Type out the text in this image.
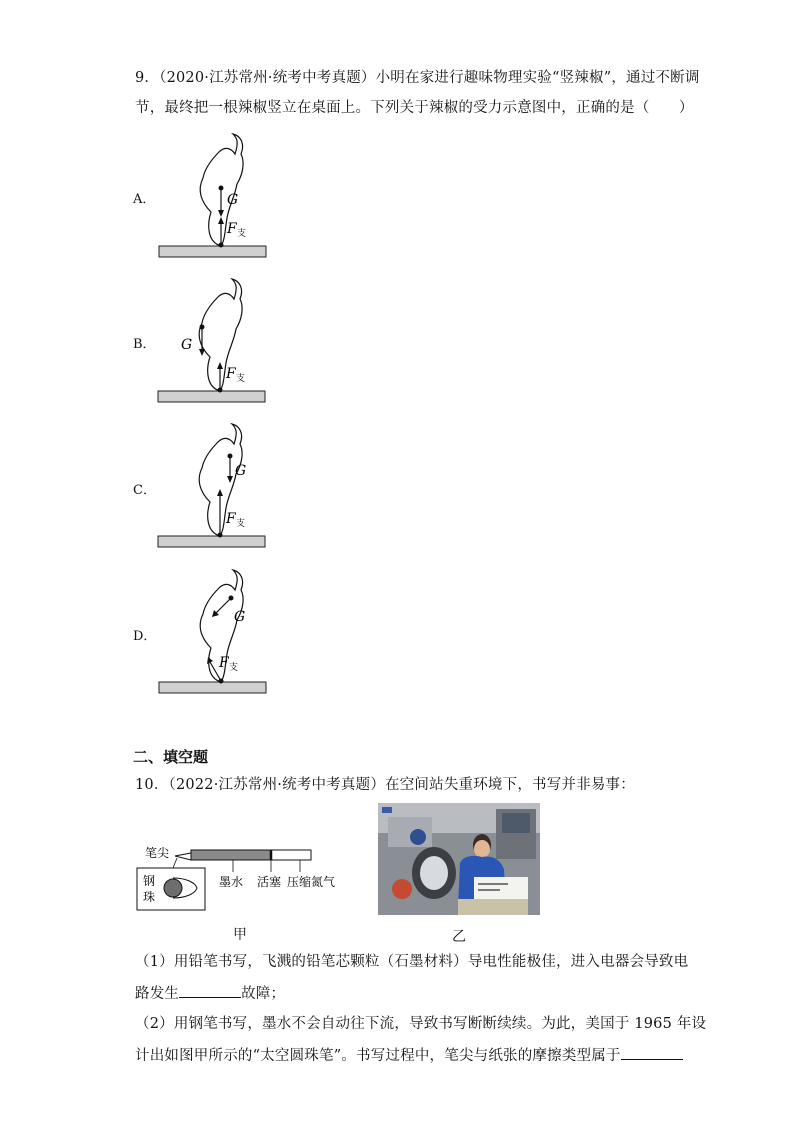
9．（2020·江苏常州·统考中考真题）小明在家进行趣味物理实验“竖辣椒”，通过不断调
节，最终把一根辣椒竖立在桌面上。下列关于辣椒的受力示意图中，正确的是（　　）
A．	G
F 支
B． G
F 支
C．
G
F 支
D．
G
F 支
二、填空题
10．（2022·江苏常州·统考中考真题）在空间站失重环境下，书写并非易事：
笔尖
钢
珠
墨水 活塞 压缩氮气
甲	乙
（1）用铅笔书写，飞溅的铅笔芯颗粒（石墨材料）导电性能极佳，进入电器会导致电
路发生	故障；
（2）用钢笔书写，墨水不会自动往下流，导致书写断断续续。为此，美国于 1965 年设
计出如图甲所示的“太空圆珠笔”。书写过程中，笔尖与纸张的摩擦类型属于
